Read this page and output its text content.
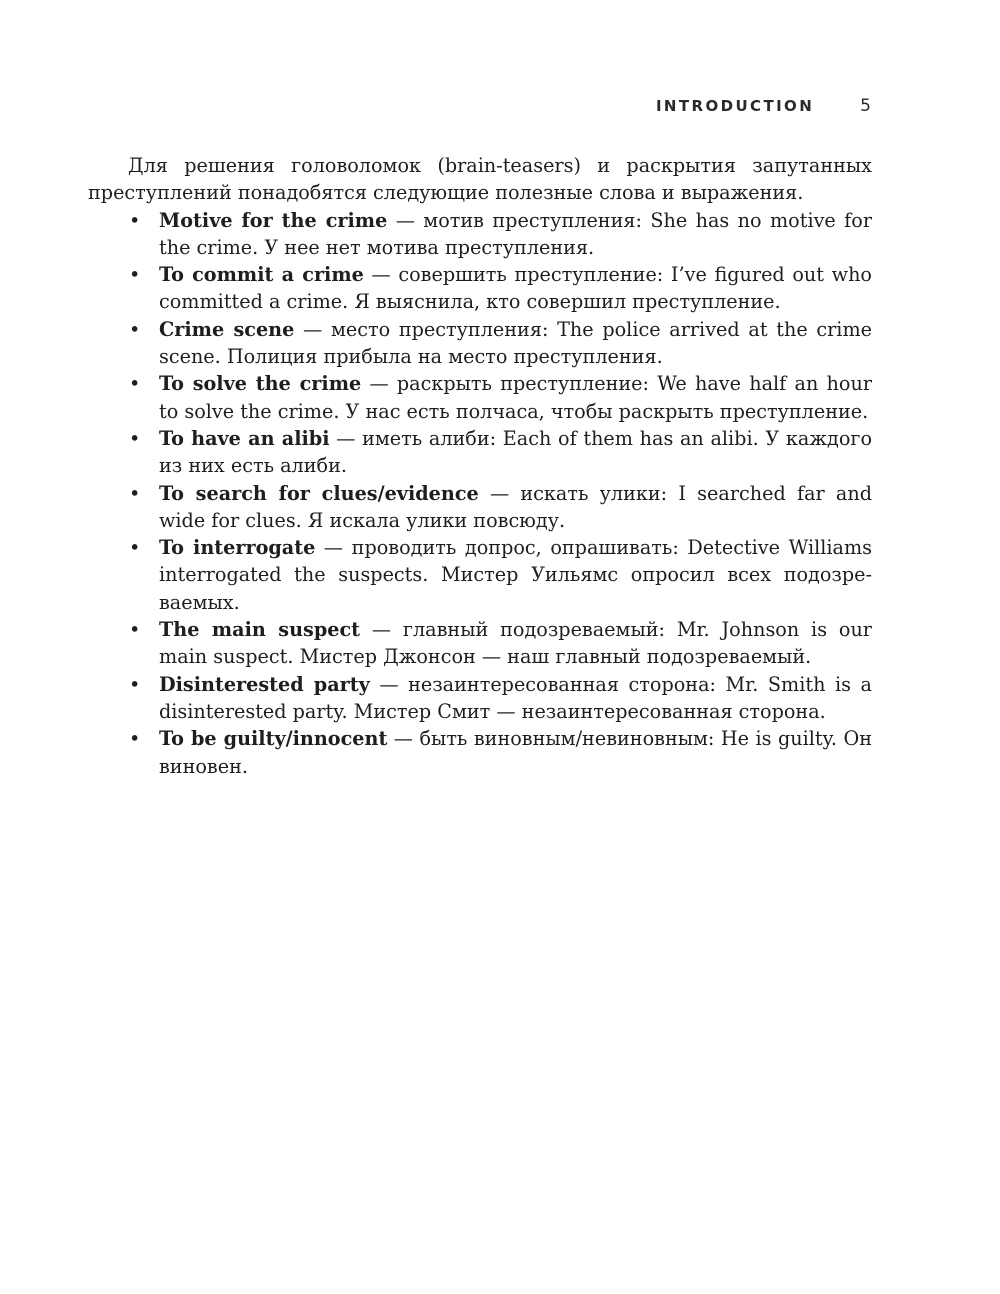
INTRODUCTION	5

Для решения головоломок (brain-teasers) и раскрытия запутанных преступлений понадобятся следующие полезные слова и выражения.

• Motive for the crime — мотив преступления: She has no motive for the crime. У нее нет мотива преступления.
• To commit a crime — совершить преступление: I’ve figured out who committed a crime. Я выяснила, кто совершил преступление.
• Crime scene — место преступления: The police arrived at the crime scene. Полиция прибыла на место преступления.
• To solve the crime — раскрыть преступление: We have half an hour to solve the crime. У нас есть полчаса, чтобы раскрыть преступление.
• To have an alibi — иметь алиби: Each of them has an alibi. У каждого из них есть алиби.
• To search for clues/evidence — искать улики: I searched far and wide for clues. Я искала улики повсюду.
• To interrogate — проводить допрос, опрашивать: Detective Williams interrogated the suspects. Мистер Уильямс опросил всех подозреваемых.
• The main suspect — главный подозреваемый: Mr. Johnson is our main suspect. Мистер Джонсон — наш главный подозреваемый.
• Disinterested party — незаинтересованная сторона: Mr. Smith is a disinterested party. Мистер Смит — незаинтересованная сторона.
• To be guilty/innocent — быть виновным/невиновным: He is guilty. Он виновен.
